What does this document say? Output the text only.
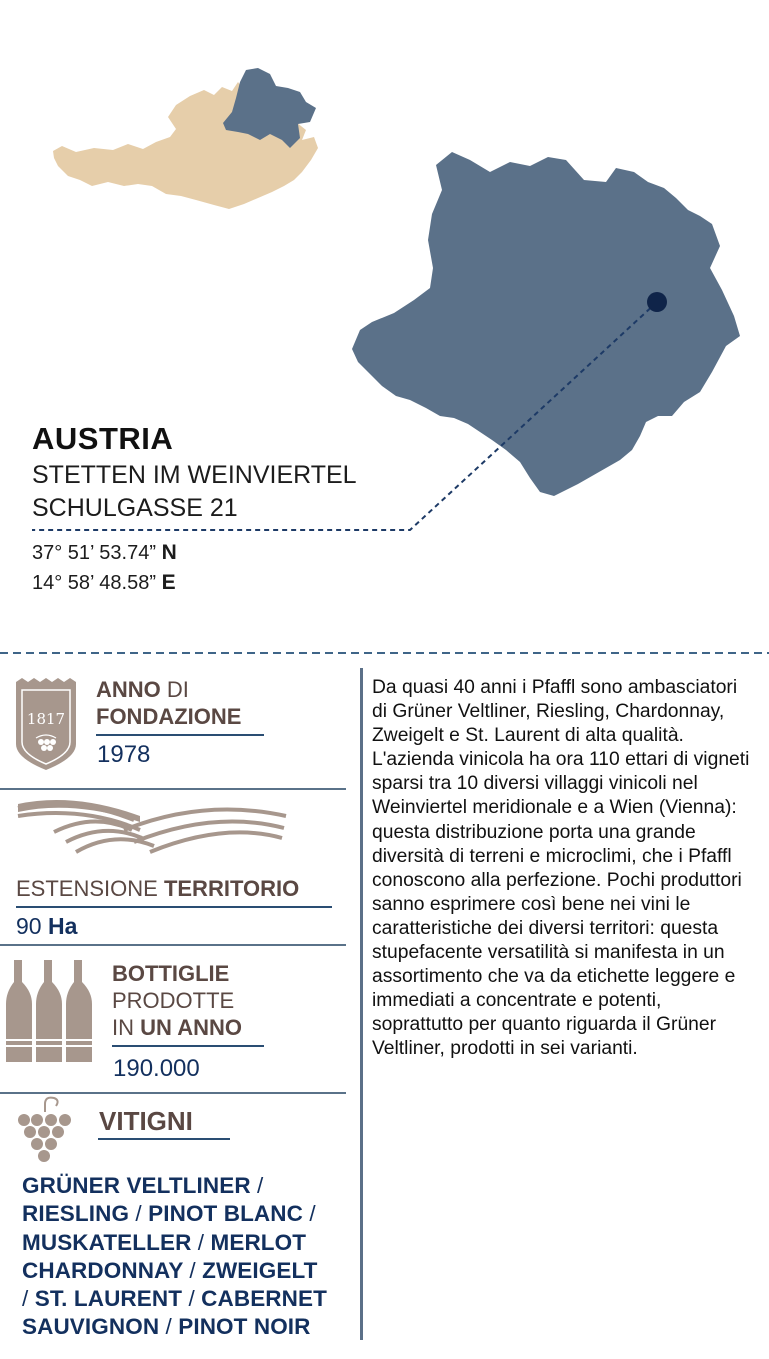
AUSTRIA
STETTEN IM WEINVIERTEL
SCHULGASSE 21
37° 51’ 53.74” N
14° 58’ 48.58” E
1817
ANNO DI
FONDAZIONE
1978
ESTENSIONE TERRITORIO
90 Ha
BOTTIGLIE
PRODOTTE
IN UN ANNO
190.000
VITIGNI

GRÜNER VELTLINER /
RIESLING / PINOT BLANC /
MUSKATELLER / MERLOT
CHARDONNAY / ZWEIGELT
/ ST. LAURENT / CABERNET SAUVIGNON / PINOT NOIR

Da quasi 40 anni i Pfaffl sono ambasciatori di Grüner Veltliner, Riesling, Chardonnay, Zweigelt e St. Laurent di alta qualità. L'azienda vinicola ha ora 110 ettari di vigneti sparsi tra 10 diversi villaggi vinicoli nel Weinviertel meridionale e a Wien (Vienna): questa distribuzione porta una grande diversità di terreni e microclimi, che i Pfaffl conoscono alla perfezione. Pochi produttori sanno esprimere così bene nei vini le caratteristiche dei diversi territori: questa stupefacente versatilità si manifesta in un assortimento che va da etichette leggere e immediati a concentrate e potenti, soprattutto per quanto riguarda il Grüner Veltliner, prodotti in sei varianti.
